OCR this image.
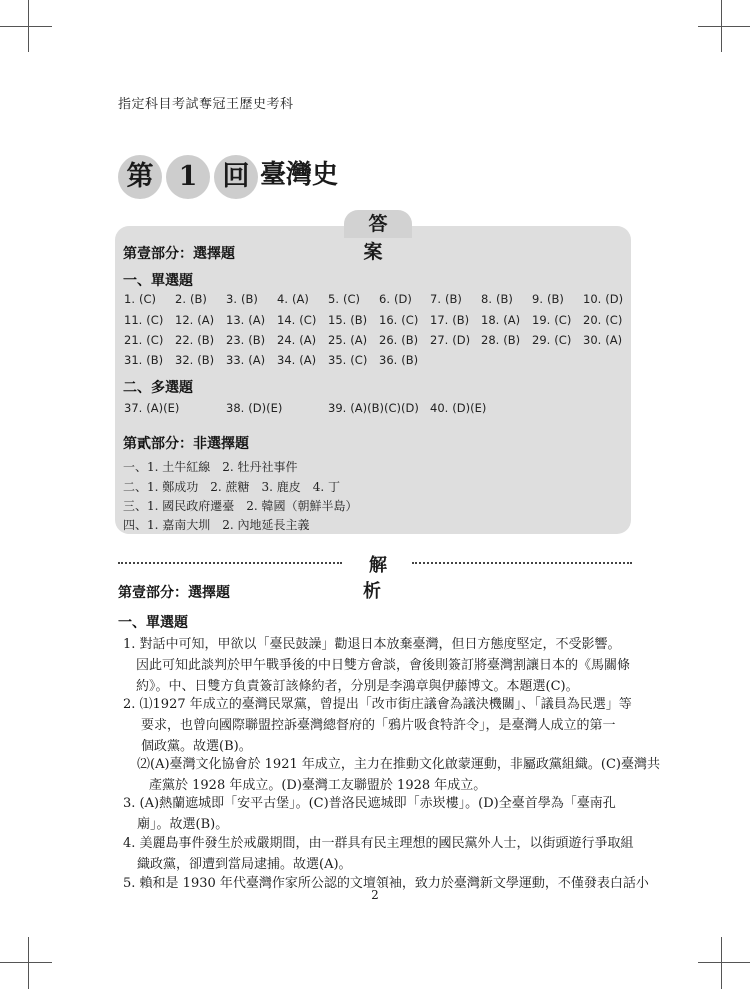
指定科目考試奪冠王歷史考科
第 1 回 臺灣史
答 案
第壹部分：選擇題
一、單選題
1. (C) 2. (B) 3. (B) 4. (A) 5. (C) 6. (D) 7. (B) 8. (B) 9. (B) 10. (D)
11. (C) 12. (A) 13. (A) 14. (C) 15. (B) 16. (C) 17. (B) 18. (A) 19. (C) 20. (C)
21. (C) 22. (B) 23. (B) 24. (A) 25. (A) 26. (B) 27. (D) 28. (B) 29. (C) 30. (A)
31. (B) 32. (B) 33. (A) 34. (A) 35. (C) 36. (B)
二、多選題
37. (A)(E)	38. (D)(E)	39. (A)(B)(C)(D) 40. (D)(E)
第貳部分：非選擇題
一、1. 土牛紅線　2. 牡丹社事件
二、1. 鄭成功　2. 蔗糖　3. 鹿皮　4. 丁
三、1. 國民政府遷臺　2. 韓國（朝鮮半島）
四、1. 嘉南大圳　2. 內地延長主義
解 析
第壹部分：選擇題
一、單選題
1. 對話中可知，甲欲以「臺民鼓譟」勸退日本放棄臺灣，但日方態度堅定，不受影響。
因此可知此談判於甲午戰爭後的中日雙方會談，會後則簽訂將臺灣割讓日本的《馬關條
約》。中、日雙方負責簽訂該條約者，分別是李鴻章與伊藤博文。本題選(C)。
2. ⑴1927 年成立的臺灣民眾黨，曾提出「改市街庄議會為議決機關」、「議員為民選」等
要求，也曾向國際聯盟控訴臺灣總督府的「鴉片吸食特許令」，是臺灣人成立的第一
個政黨。故選(B)。
⑵(A)臺灣文化協會於 1921 年成立，主力在推動文化啟蒙運動，非屬政黨組織。(C)臺灣共
產黨於 1928 年成立。(D)臺灣工友聯盟於 1928 年成立。
3. (A)熱蘭遮城即「安平古堡」。(C)普洛民遮城即「赤崁樓」。(D)全臺首學為「臺南孔
廟」。故選(B)。
4. 美麗島事件發生於戒嚴期間，由一群具有民主理想的國民黨外人士，以街頭遊行爭取組
織政黨，卻遭到當局逮捕。故選(A)。
5. 賴和是 1930 年代臺灣作家所公認的文壇領袖，致力於臺灣新文學運動，不僅發表白話小
2
